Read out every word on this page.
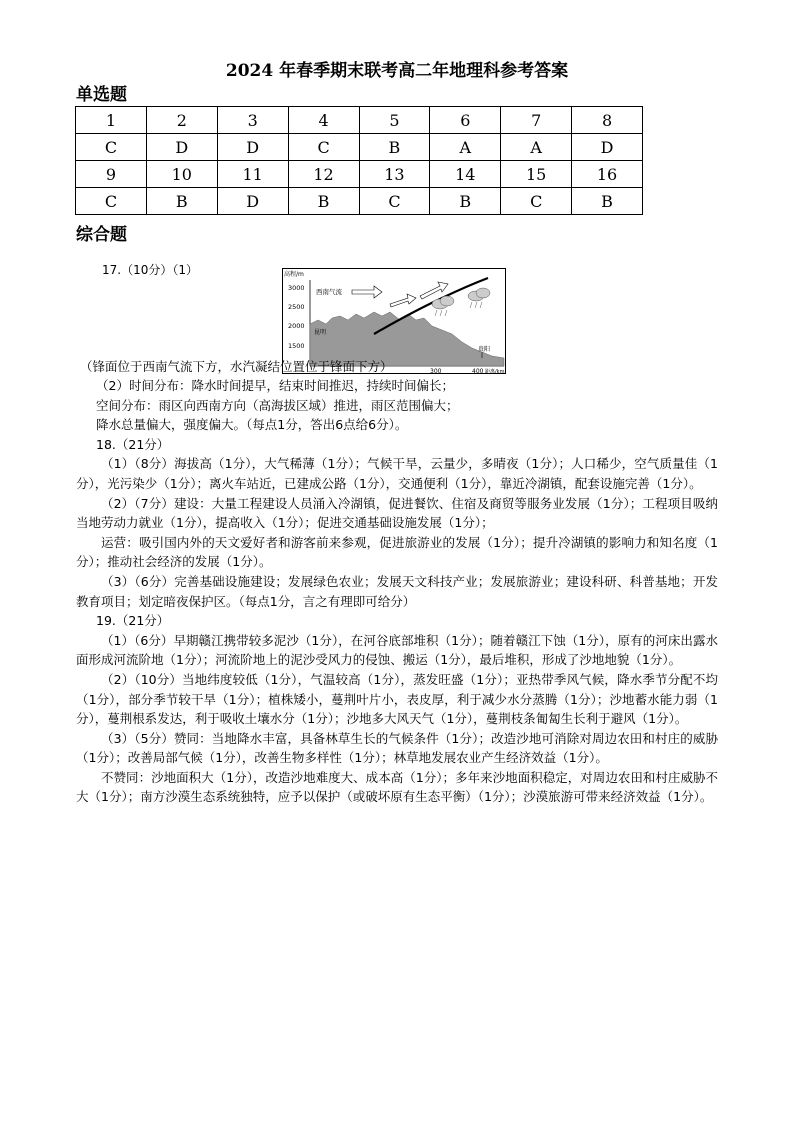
2024 年春季期末联考高二年地理科参考答案
单选题
1	2	3	4	5	6	7	8
C	D	D	C	B	A	A	D
9	10	11	12	13	14	15	16
C	B	D	B	C	B	C	B
综合题
17.（10分）（1）	高程/m
3000
2500
2000
1500
西南气流
昆明
贵阳
300	400 距离/km
（锋面位于西南气流下方，水汽凝结位置位于锋面下方）

（2）时间分布：降水时间提早，结束时间推迟，持续时间偏长；

空间分布：雨区向西南方向（高海拔区域）推进，雨区范围偏大；

降水总量偏大，强度偏大。（每点1分，答出6点给6分）。

18.（21分）

（1）（8分）海拔高（1分），大气稀薄（1分）；气候干旱，云量少，多晴夜（1分）；人口稀少，空气质量佳（1分），光污染少（1分）；离火车站近，已建成公路（1分），交通便利（1分），靠近冷湖镇，配套设施完善（1分）。

（2）（7分）建设：大量工程建设人员涌入冷湖镇，促进餐饮、住宿及商贸等服务业发展（1分）；工程项目吸纳当地劳动力就业（1分），提高收入（1分）；促进交通基础设施发展（1分）；

运营：吸引国内外的天文爱好者和游客前来参观，促进旅游业的发展（1分）；提升冷湖镇的影响力和知名度（1分）；推动社会经济的发展（1分）。

（3）（6分）完善基础设施建设；发展绿色农业；发展天文科技产业；发展旅游业；建设科研、科普基地；开发教育项目；划定暗夜保护区。（每点1分，言之有理即可给分）

19.（21分）

（1）（6分）早期赣江携带较多泥沙（1分），在河谷底部堆积（1分）；随着赣江下蚀（1分），原有的河床出露水面形成河流阶地（1分）；河流阶地上的泥沙受风力的侵蚀、搬运（1分），最后堆积，形成了沙地地貌（1分）。

（2）（10分）当地纬度较低（1分），气温较高（1分），蒸发旺盛（1分）；亚热带季风气候，降水季节分配不均（1分），部分季节较干旱（1分）；植株矮小，蔓荆叶片小，表皮厚，利于减少水分蒸腾（1分）；沙地蓄水能力弱（1分），蔓荆根系发达，利于吸收土壤水分（1分）；沙地多大风天气（1分），蔓荆枝条匍匐生长利于避风（1分）。

（3）（5分）赞同：当地降水丰富，具备林草生长的气候条件（1分）；改造沙地可消除对周边农田和村庄的威胁（1分）；改善局部气候（1分），改善生物多样性（1分）；林草地发展农业产生经济效益（1分）。

不赞同：沙地面积大（1分），改造沙地难度大、成本高（1分）；多年来沙地面积稳定，对周边农田和村庄威胁不大（1分）；南方沙漠生态系统独特，应予以保护（或破坏原有生态平衡）（1分）；沙漠旅游可带来经济效益（1分）。
